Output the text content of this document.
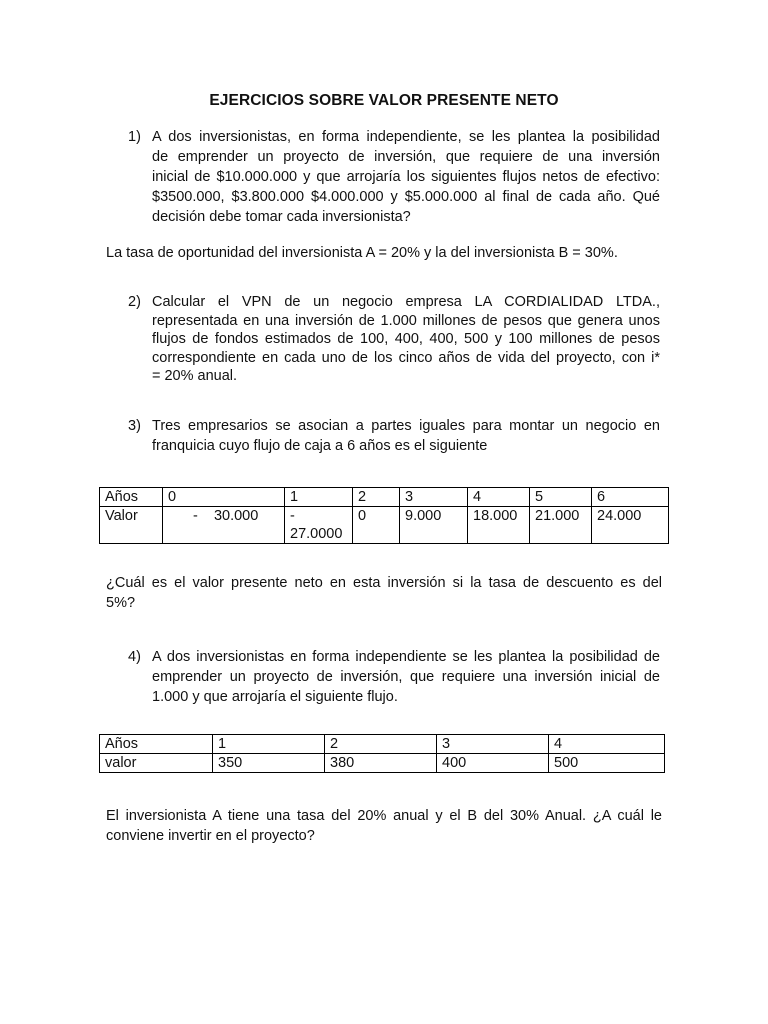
EJERCICIOS SOBRE VALOR PRESENTE NETO
1) A dos inversionistas, en forma independiente, se les plantea la posibilidad
de emprender un proyecto de inversión, que requiere de una inversión
inicial de $10.000.000 y que arrojaría los siguientes flujos netos de efectivo:
$3500.000, $3.800.000 $4.000.000 y $5.000.000 al final de cada año. Qué
decisión debe tomar cada inversionista?
La tasa de oportunidad del inversionista A = 20% y la del inversionista B = 30%.
2) Calcular el VPN de un negocio empresa LA CORDIALIDAD LTDA.,
representada en una inversión de 1.000 millones de pesos que genera unos
flujos de fondos estimados de 100, 400, 400, 500 y 100 millones de pesos
correspondiente en cada uno de los cinco años de vida del proyecto, con i*
= 20% anual.
3) Tres empresarios se asocian a partes iguales para montar un negocio en
franquicia cuyo flujo de caja a 6 años es el siguiente
Años	0	1	2	3	4	5	6
Valor	-    30.000	-
27.0000	0	9.000	18.000	21.000	24.000
¿Cuál es el valor presente neto en esta inversión si la tasa de descuento es del
5%?
4) A dos inversionistas en forma independiente se les plantea la posibilidad de
emprender un proyecto de inversión, que requiere una inversión inicial de
1.000 y que arrojaría el siguiente flujo.
Años	1	2	3	4
valor	350	380	400	500
El inversionista A tiene una tasa del 20% anual y el B del 30% Anual. ¿A cuál le
conviene invertir en el proyecto?
